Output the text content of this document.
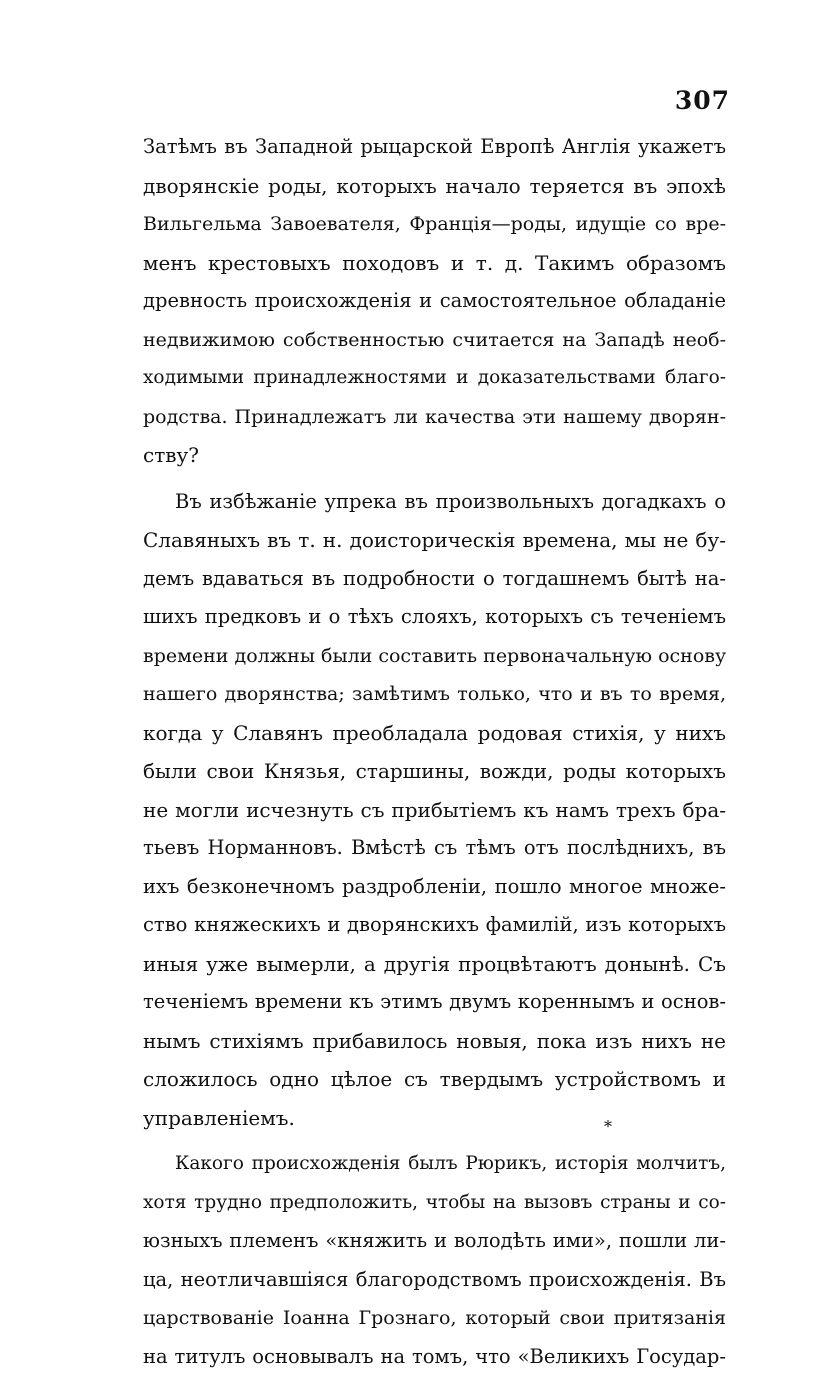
307
Затѣмъ въ Западной рыцарской Европѣ Англія укажетъ
дворянскіе роды, которыхъ начало теряется въ эпохѣ
Вильгельма Завоевателя, Франція—роды, идущіе со вре-
менъ крестовыхъ походовъ и т. д. Такимъ образомъ
древность происхожденія и самостоятельное обладаніе
недвижимою собственностью считается на Западѣ необ-
ходимыми принадлежностями и доказательствами благо-
родства. Принадлежатъ ли качества эти нашему дворян-
ству?
Въ избѣжаніе упрека въ произвольныхъ догадкахъ о
Славяныхъ въ т. н. доисторическія времена, мы не бу-
демъ вдаваться въ подробности о тогдашнемъ бытѣ на-
шихъ предковъ и о тѣхъ слояхъ, которыхъ съ теченіемъ
времени должны были составить первоначальную основу
нашего дворянства; замѣтимъ только, что и въ то время,
когда у Славянъ преобладала родовая стихія, у нихъ
были свои Князья, старшины, вожди, роды которыхъ
не могли исчезнуть съ прибытіемъ къ намъ трехъ бра-
тьевъ Норманновъ. Вмѣстѣ съ тѣмъ отъ послѣднихъ, въ
ихъ безконечномъ раздробленіи, пошло многое множе-
ство княжескихъ и дворянскихъ фамилій, изъ которыхъ
иныя уже вымерли, а другія процвѣтаютъ донынѣ. Съ
теченіемъ времени къ этимъ двумъ кореннымъ и основ-
нымъ стихіямъ прибавилось новыя, пока изъ нихъ не
сложилось одно цѣлое съ твердымъ устройствомъ и
управленіемъ.
Какого происхожденія былъ Рюрикъ, исторія молчитъ,
хотя трудно предположить, чтобы на вызовъ страны и со-
юзныхъ племенъ «княжить и володѣть ими», пошли ли-
ца, неотличавшіяся благородствомъ происхожденія. Въ
царствованіе Іоанна Грознаго, который свои притязанія
на титулъ основывалъ на томъ, что «Великихъ Государ-
*
